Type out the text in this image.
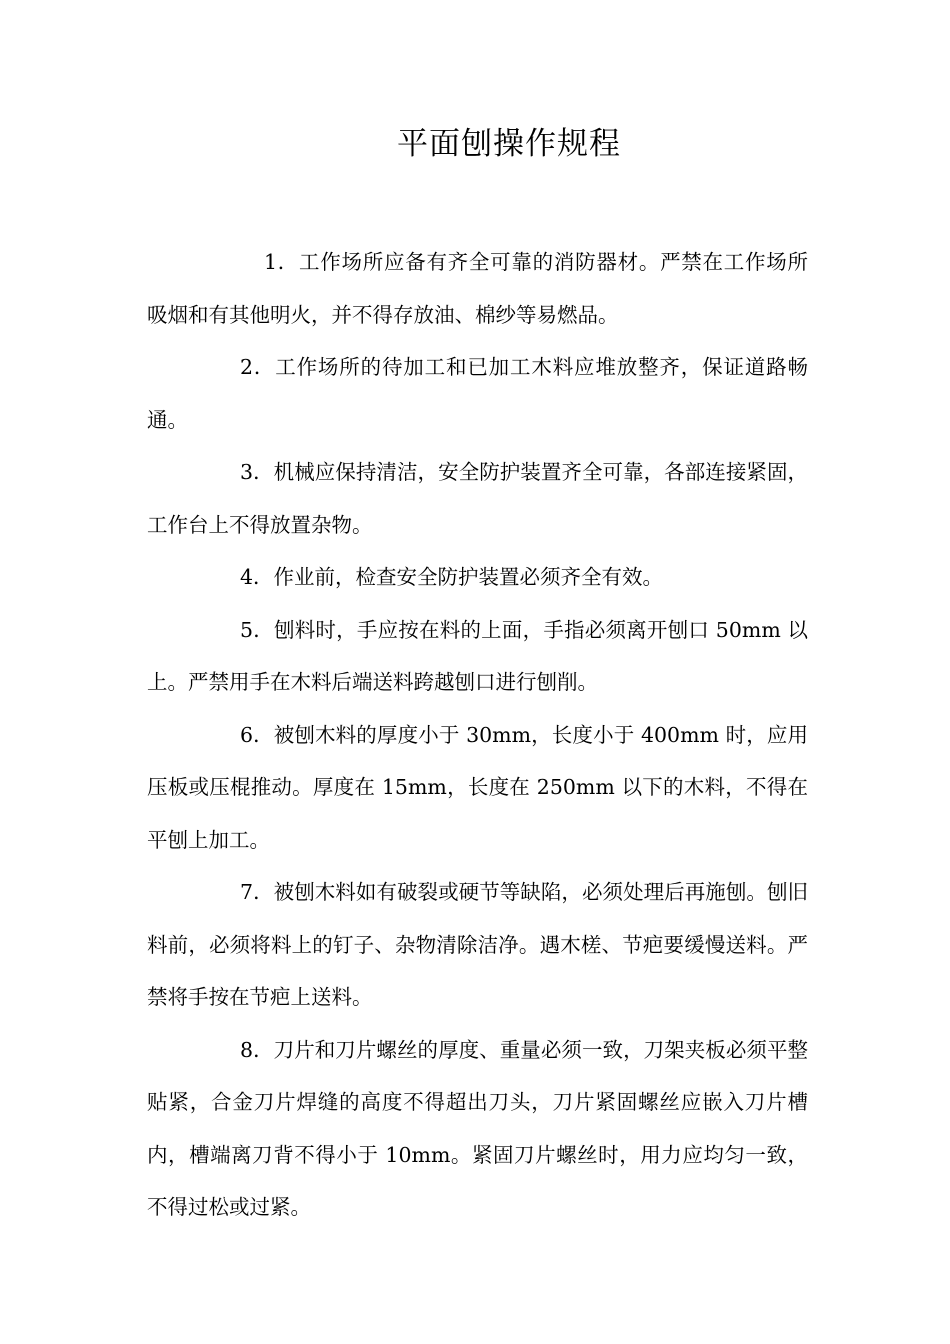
平面刨操作规程

1．工作场所应备有齐全可靠的消防器材。严禁在工作场所吸烟和有其他明火，并不得存放油、棉纱等易燃品。

2．工作场所的待加工和已加工木料应堆放整齐，保证道路畅通。

3．机械应保持清洁，安全防护装置齐全可靠，各部连接紧固，工作台上不得放置杂物。

4．作业前，检查安全防护装置必须齐全有效。

5．刨料时，手应按在料的上面，手指必须离开刨口 50mm 以上。严禁用手在木料后端送料跨越刨口进行刨削。

6．被刨木料的厚度小于 30mm，长度小于 400mm 时，应用压板或压棍推动。厚度在 15mm，长度在 250mm 以下的木料，不得在平刨上加工。

7．被刨木料如有破裂或硬节等缺陷，必须处理后再施刨。刨旧料前，必须将料上的钉子、杂物清除洁净。遇木槎、节疤要缓慢送料。严禁将手按在节疤上送料。

8．刀片和刀片螺丝的厚度、重量必须一致，刀架夹板必须平整贴紧，合金刀片焊缝的高度不得超出刀头，刀片紧固螺丝应嵌入刀片槽内，槽端离刀背不得小于 10mm。紧固刀片螺丝时，用力应均匀一致，不得过松或过紧。
